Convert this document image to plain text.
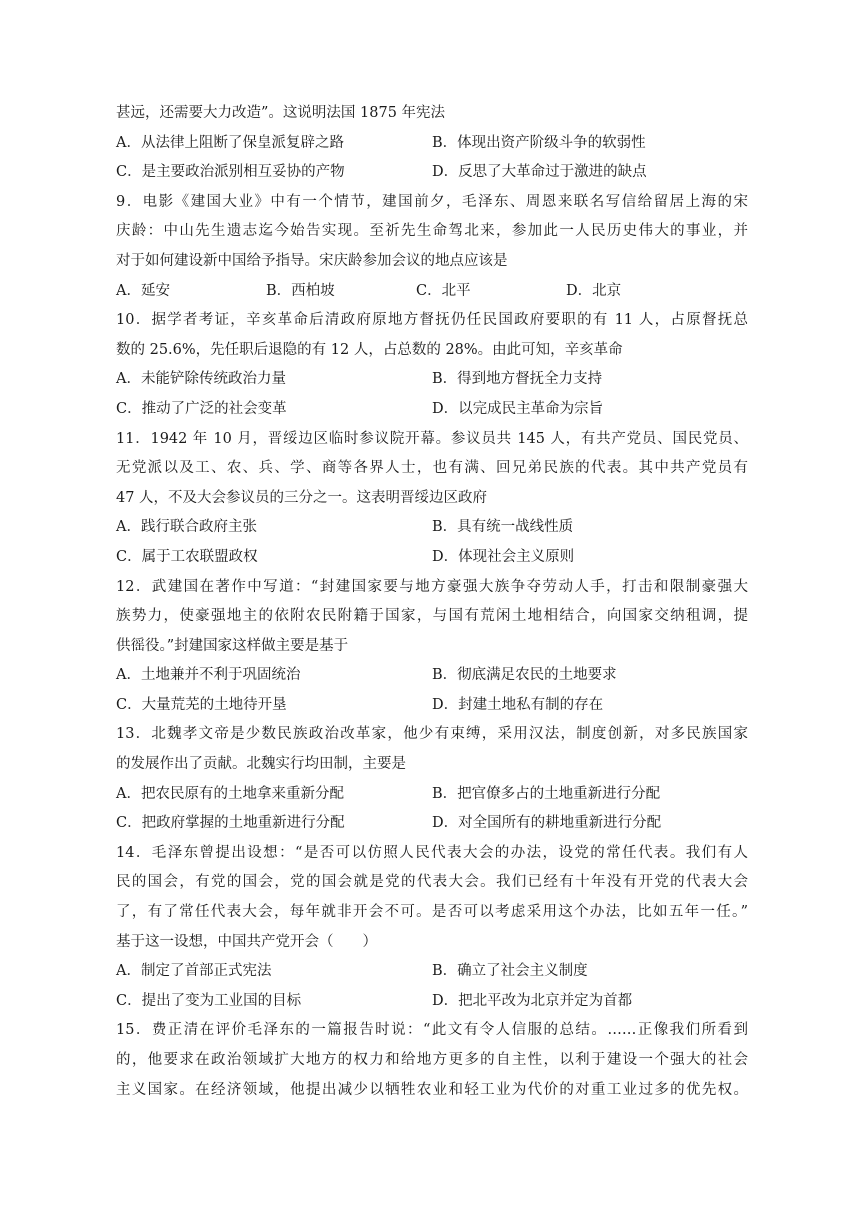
甚远，还需要大力改造”。这说明法国 1875 年宪法
A．从法律上阻断了保皇派复辟之路	B．体现出资产阶级斗争的软弱性
C．是主要政治派别相互妥协的产物	D．反思了大革命过于激进的缺点
9．电影《建国大业》中有一个情节，建国前夕，毛泽东、周恩来联名写信给留居上海的宋
庆龄：中山先生遗志迄今始告实现。至祈先生命驾北来，参加此一人民历史伟大的事业，并
对于如何建设新中国给予指导。宋庆龄参加会议的地点应该是
A．延安	B．西柏坡	C．北平	D．北京
10．据学者考证，辛亥革命后清政府原地方督抚仍任民国政府要职的有 11 人，占原督抚总
数的 25.6%，先任职后退隐的有 12 人，占总数的 28%。由此可知，辛亥革命
A．未能铲除传统政治力量	B．得到地方督抚全力支持
C．推动了广泛的社会变革	D．以完成民主革命为宗旨
11．1942 年 10 月，晋绥边区临时参议院开幕。参议员共 145 人，有共产党员、国民党员、
无党派以及工、农、兵、学、商等各界人士，也有满、回兄弟民族的代表。其中共产党员有
47 人，不及大会参议员的三分之一。这表明晋绥边区政府
A．践行联合政府主张	B．具有统一战线性质
C．属于工农联盟政权	D．体现社会主义原则
12．武建国在著作中写道：“封建国家要与地方豪强大族争夺劳动人手，打击和限制豪强大
族势力，使豪强地主的依附农民附籍于国家，与国有荒闲土地相结合，向国家交纳租调，提
供徭役。”封建国家这样做主要是基于
A．土地兼并不利于巩固统治	B．彻底满足农民的土地要求
C．大量荒芜的土地待开垦	D．封建土地私有制的存在
13．北魏孝文帝是少数民族政治改革家，他少有束缚，采用汉法，制度创新，对多民族国家
的发展作出了贡献。北魏实行均田制，主要是
A．把农民原有的土地拿来重新分配	B．把官僚多占的土地重新进行分配
C．把政府掌握的土地重新进行分配	D．对全国所有的耕地重新进行分配
14．毛泽东曾提出设想：“是否可以仿照人民代表大会的办法，设党的常任代表。我们有人
民的国会，有党的国会，党的国会就是党的代表大会。我们已经有十年没有开党的代表大会
了，有了常任代表大会，每年就非开会不可。是否可以考虑采用这个办法，比如五年一任。”
基于这一设想，中国共产党开会（　　）
A．制定了首部正式宪法	B．确立了社会主义制度
C．提出了变为工业国的目标	D．把北平改为北京并定为首都
15．费正清在评价毛泽东的一篇报告时说：“此文有令人信服的总结。……正像我们所看到
的，他要求在政治领域扩大地方的权力和给地方更多的自主性，以利于建设一个强大的社会
主义国家。在经济领域，他提出减少以牺牲农业和轻工业为代价的对重工业过多的优先权。
